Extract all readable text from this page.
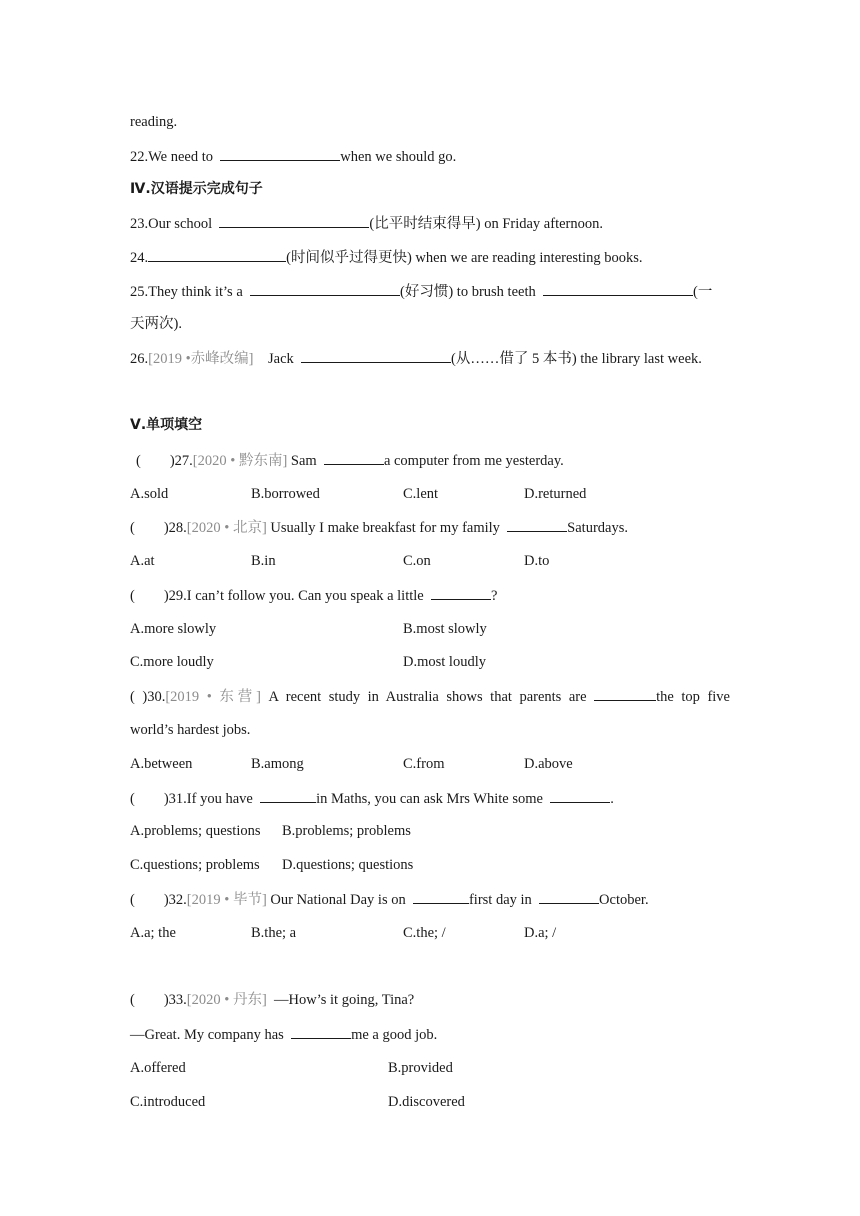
reading.
22.We need to	when we should go.
Ⅳ.汉语提示完成句子
23.Our school	(比平时结束得早) on Friday afternoon.
24.	(时间似乎过得更快) when we are reading interesting books.
25.They think it’s a	(好习惯) to brush teeth	(一
天两次).
26.[2019 •赤峰改编] Jack	(从……借了 5 本书) the library last week.
Ⅴ.单项填空
(        )27.[2020 • 黔东南] Sam	a computer from me yesterday.
A.sold	B.borrowed	C.lent	D.returned
(        )28.[2020 • 北京] Usually I make breakfast for my family	Saturdays.
A.at	B.in	C.on	D.to
(        )29.I can’t follow you. Can you speak a little	?
A.more slowly	B.most slowly
C.more loudly	D.most loudly
( )30.[2019 • 东营] A recent study in Australia shows that parents are	the top five
world’s hardest jobs.
A.between	B.among	C.from	D.above
(        )31.If you have	in Maths, you can ask Mrs White some	.
A.problems; questions B.problems; problems
C.questions; problems D.questions; questions
(        )32.[2019 • 毕节] Our National Day is on	first day in	October.
A.a; the	B.the; a	C.the; /	D.a; /
(        )33.[2020 • 丹东]  —How’s it going, Tina?
—Great. My company has	me a good job.
A.offered	B.provided
C.introduced	D.discovered
